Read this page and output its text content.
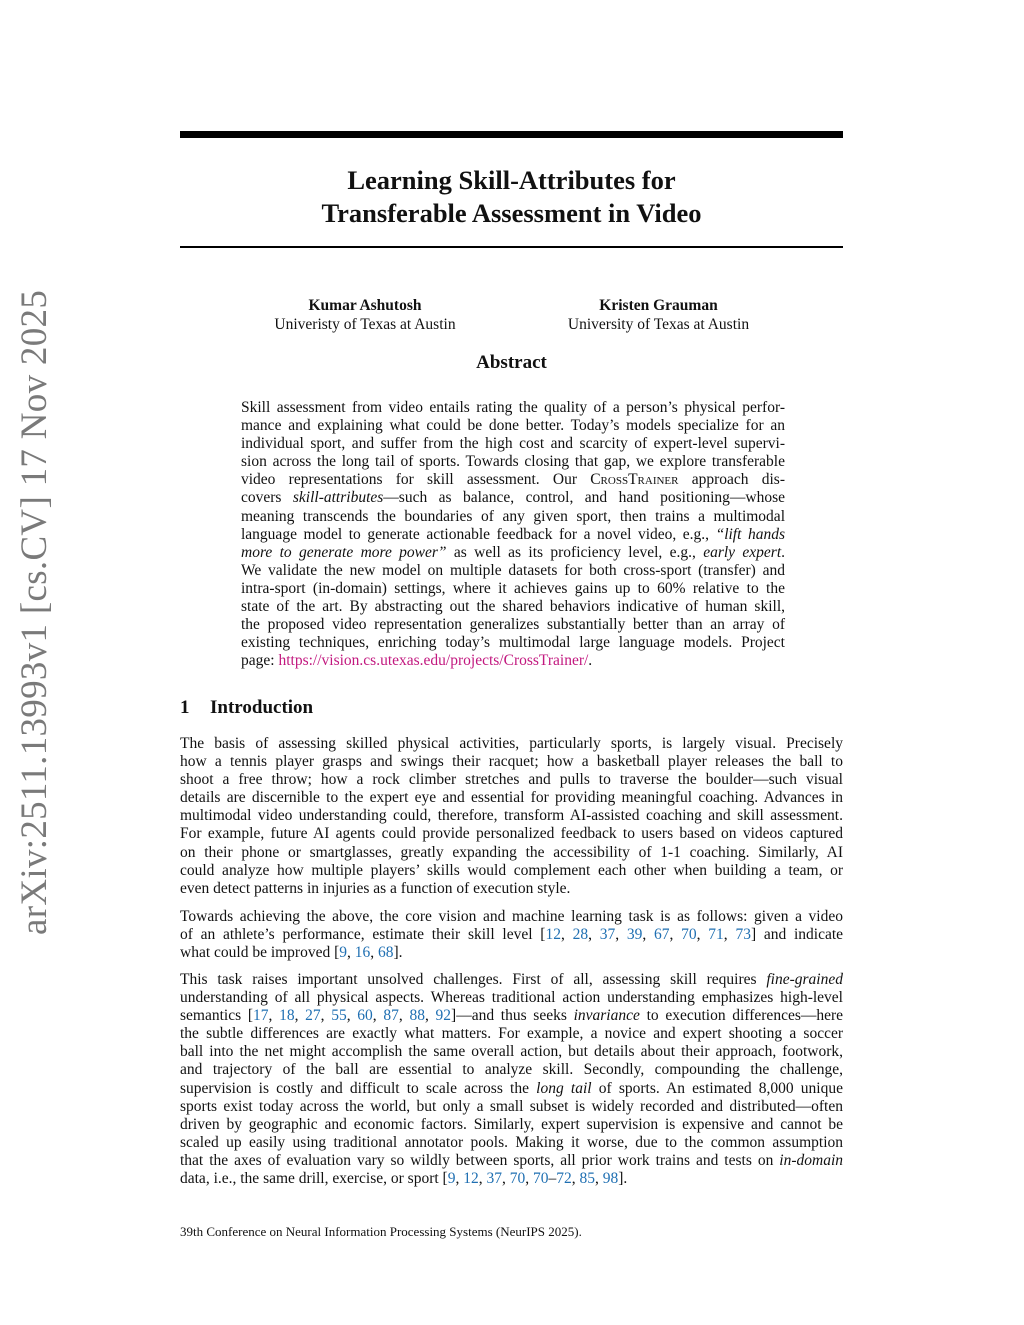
arXiv:2511.13993v1 [cs.CV] 17 Nov 2025
Learning Skill-Attributes for
Transferable Assessment in Video
Kumar Ashutosh
Univeristy of Texas at Austin
Kristen Grauman
University of Texas at Austin
Abstract
Skill assessment from video entails rating the quality of a person’s physical perfor-
mance and explaining what could be done better. Today’s models specialize for an
individual sport, and suffer from the high cost and scarcity of expert-level supervi-
sion across the long tail of sports. Towards closing that gap, we explore transferable
video representations for skill assessment. Our CrossTrainer approach dis-
covers skill-attributes—such as balance, control, and hand positioning—whose
meaning transcends the boundaries of any given sport, then trains a multimodal
language model to generate actionable feedback for a novel video, e.g., “lift hands
more to generate more power” as well as its proficiency level, e.g., early expert.
We validate the new model on multiple datasets for both cross-sport (transfer) and
intra-sport (in-domain) settings, where it achieves gains up to 60% relative to the
state of the art. By abstracting out the shared behaviors indicative of human skill,
the proposed video representation generalizes substantially better than an array of
existing techniques, enriching today’s multimodal large language models. Project
page: https://vision.cs.utexas.edu/projects/CrossTrainer/.
1 Introduction
The basis of assessing skilled physical activities, particularly sports, is largely visual. Precisely
how a tennis player grasps and swings their racquet; how a basketball player releases the ball to
shoot a free throw; how a rock climber stretches and pulls to traverse the boulder—such visual
details are discernible to the expert eye and essential for providing meaningful coaching. Advances in
multimodal video understanding could, therefore, transform AI-assisted coaching and skill assessment.
For example, future AI agents could provide personalized feedback to users based on videos captured
on their phone or smartglasses, greatly expanding the accessibility of 1-1 coaching. Similarly, AI
could analyze how multiple players’ skills would complement each other when building a team, or
even detect patterns in injuries as a function of execution style.
Towards achieving the above, the core vision and machine learning task is as follows: given a video
of an athlete’s performance, estimate their skill level [12, 28, 37, 39, 67, 70, 71, 73] and indicate
what could be improved [9, 16, 68].
This task raises important unsolved challenges. First of all, assessing skill requires fine-grained
understanding of all physical aspects. Whereas traditional action understanding emphasizes high-level
semantics [17, 18, 27, 55, 60, 87, 88, 92]—and thus seeks invariance to execution differences—here
the subtle differences are exactly what matters. For example, a novice and expert shooting a soccer
ball into the net might accomplish the same overall action, but details about their approach, footwork,
and trajectory of the ball are essential to analyze skill. Secondly, compounding the challenge,
supervision is costly and difficult to scale across the long tail of sports. An estimated 8,000 unique
sports exist today across the world, but only a small subset is widely recorded and distributed—often
driven by geographic and economic factors. Similarly, expert supervision is expensive and cannot be
scaled up easily using traditional annotator pools. Making it worse, due to the common assumption
that the axes of evaluation vary so wildly between sports, all prior work trains and tests on in-domain
data, i.e., the same drill, exercise, or sport [9, 12, 37, 70, 70–72, 85, 98].
39th Conference on Neural Information Processing Systems (NeurIPS 2025).
